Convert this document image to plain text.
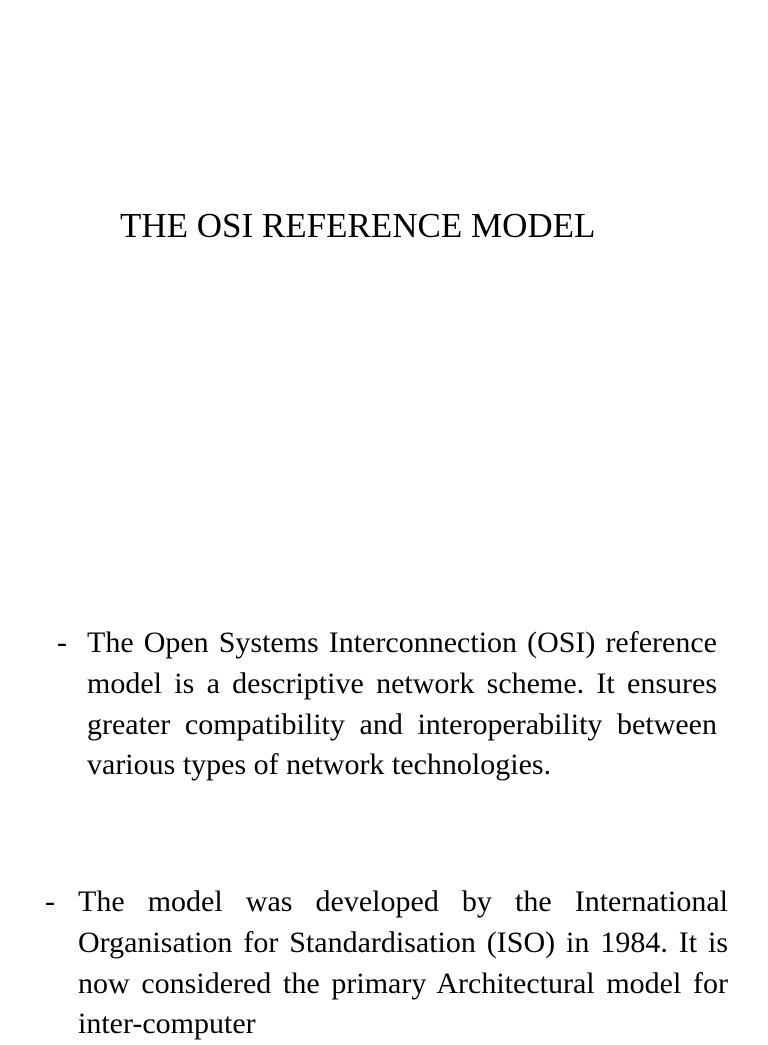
THE OSI REFERENCE MODEL
- The Open Systems Interconnection (OSI) reference model is a descriptive network scheme. It ensures greater compatibility and interoperability between various types of network technologies.

- The model was developed by the International Organisation for Standardisation (ISO) in 1984. It is now considered the primary Architectural model for inter-computer
